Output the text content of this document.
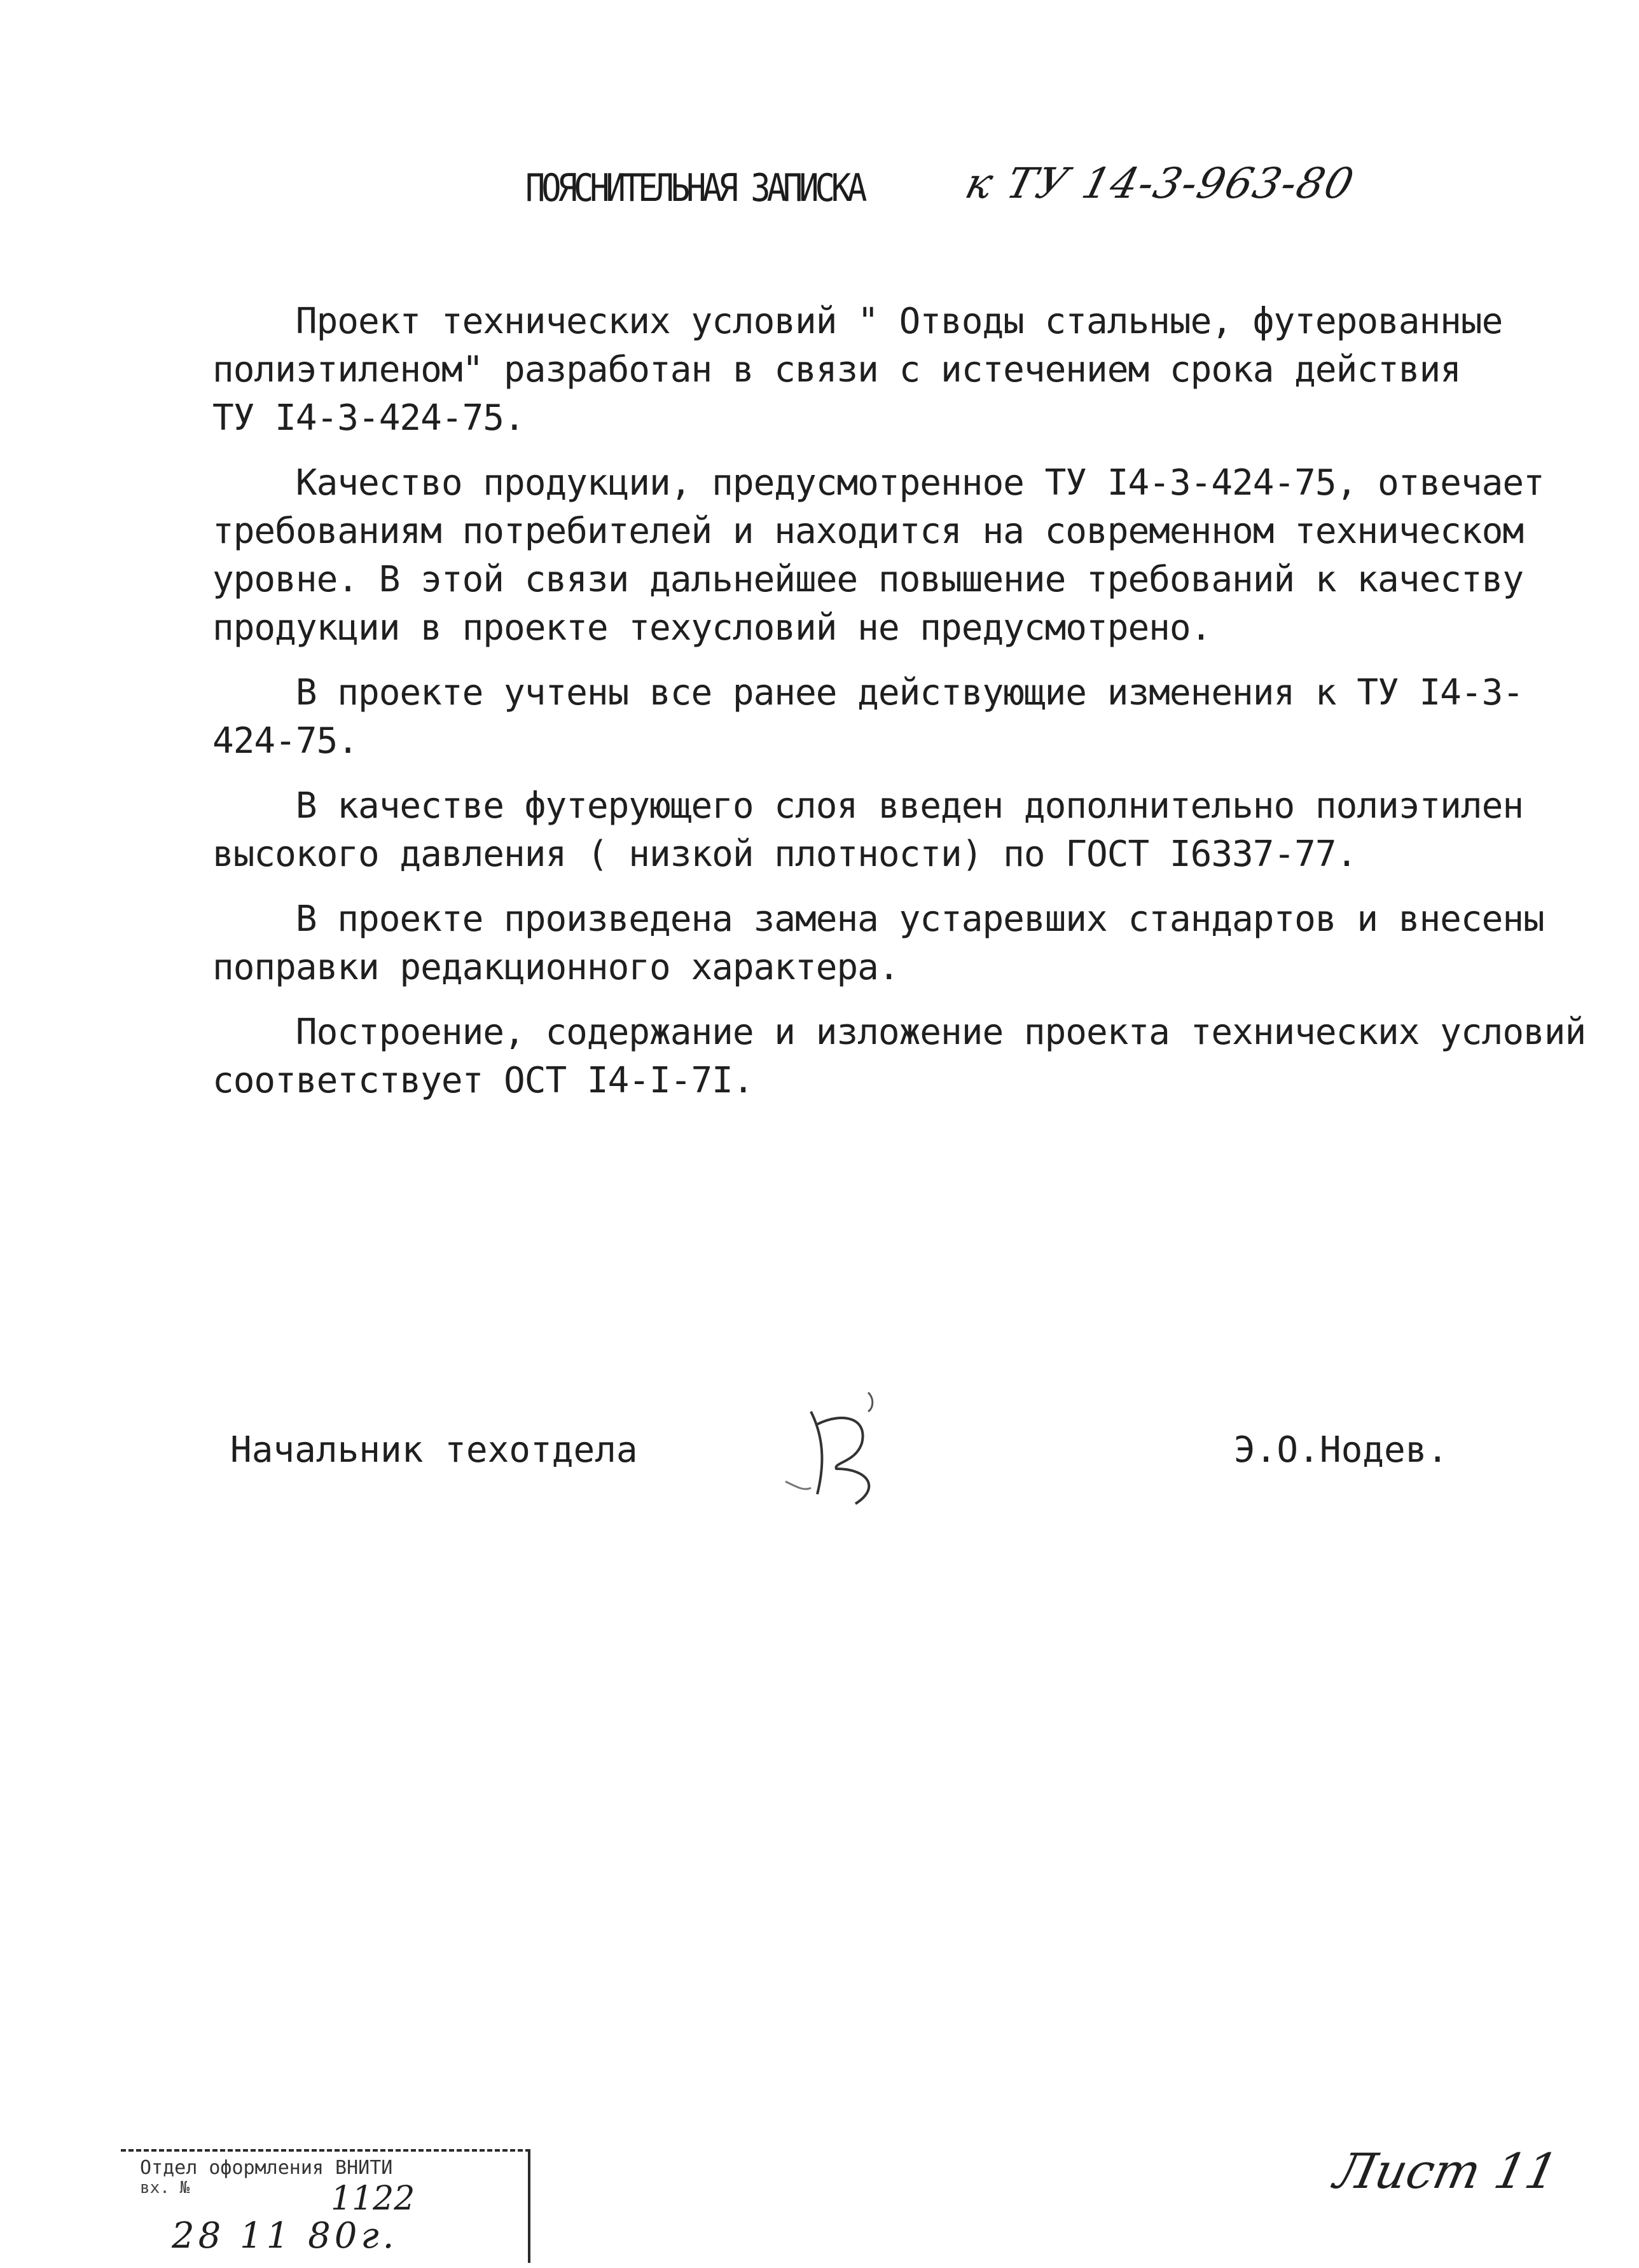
ПОЯСНИТЕЛЬНАЯ ЗАПИСКА к ТУ 14-3-963-80

Проект технических условий " Отводы стальные, футерованные
полиэтиленом" разработан в связи с истечением срока действия
ТУ I4-3-424-75.

Качество продукции, предусмотренное ТУ I4-3-424-75, отвечает
требованиям потребителей и находится на современном техническом
уровне. В этой связи дальнейшее повышение требований к качеству
продукции в проекте техусловий не предусмотрено.

В проекте учтены все ранее действующие изменения к ТУ I4-3-
424-75.

В качестве футерующего слоя введен дополнительно полиэтилен
высокого давления ( низкой плотности) по ГОСТ I6337-77.

В проекте произведена замена устаревших стандартов и внесены
поправки редакционного характера.

Построение, содержание и изложение проекта технических условий
соответствует ОСТ I4-I-7I.

Начальник техотдела	Э.О.Нодев.
Отдел оформления ВНИТИ
вх. №	1122
28 11 80г.
Лист 11
